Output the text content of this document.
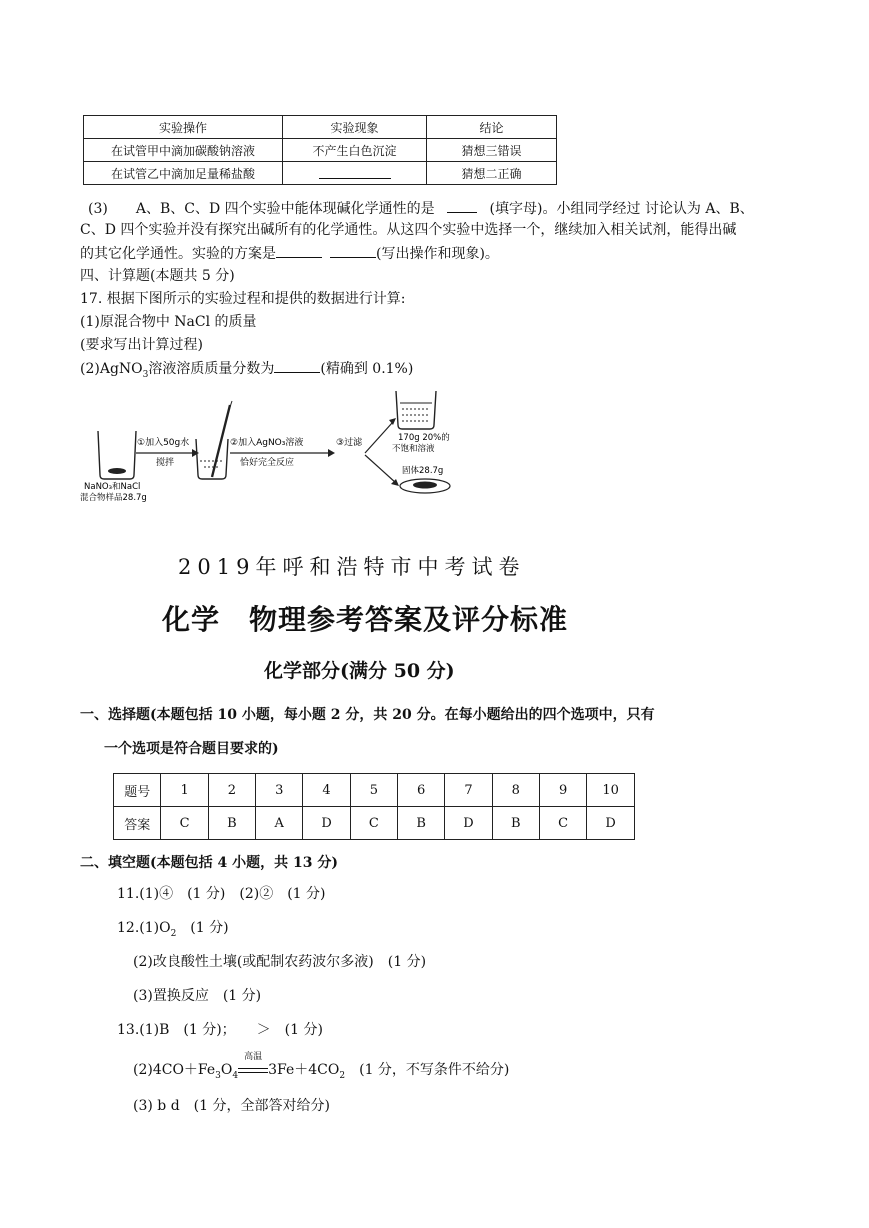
实验操作	实验现象	结论
在试管甲中滴加碳酸钠溶液	不产生白色沉淀	猜想三错误
在试管乙中滴加足量稀盐酸		猜想二正确
(3)　　A、B、C、D 四个实验中能体现碱化学通性的是	(填字母)。小组同学经过 讨论认为 A、B、
C、D 四个实验并没有探究出碱所有的化学通性。从这四个实验中选择一个，继续加入相关试剂，能得出碱
的其它化学通性。实验的方案是	(写出操作和现象)。
四、计算题(本题共 5 分)
17. 根据下图所示的实验过程和提供的数据进行计算:
(1)原混合物中 NaCl 的质量
(要求写出计算过程)
(2)AgNO$_3$溶液溶质质量分数为	(精确到 0.1%)
NaNO₃和NaCl
混合物样品28.7g
①加入50g水
搅拌
②加入AgNO₃溶液
恰好完全反应
③过滤	170g 20%的
不饱和溶液
固体28.7g
2019年呼和浩特市中考试卷
化学　物理参考答案及评分标准
化学部分(满分 50 分)
一、选择题(本题包括 10 小题，每小题 2 分，共 20 分。在每小题给出的四个选项中，只有
一个选项是符合题目要求的)
题号	1	2	3	4	5	6	7	8	9	10
答案	C	B	A	D	C	B	D	B	C	D
二、填空题(本题包括 4 小题，共 13 分)
11.(1)④　(1 分)　(2)②　(1 分)
$12.(1)O_2$　(1 分)
(2)改良酸性土壤(或配制农药波尔多液)　(1 分)
(3)置换反应　(1 分)
13.(1)B　(1 分)；　　＞　(1 分)
$(2)4CO+Fe_3O_4$
高温
$3Fe+4CO_2$　(1 分，不写条件不给分)
(3) b d　(1 分，全部答对给分)
